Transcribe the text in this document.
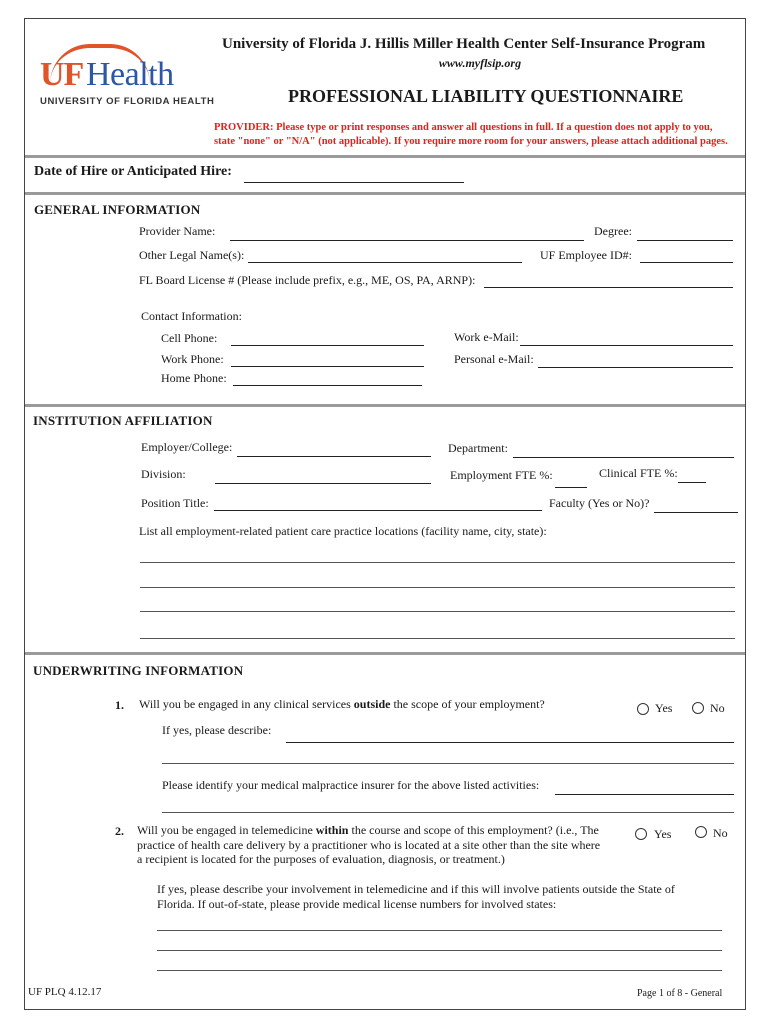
UF Health
UNIVERSITY OF FLORIDA HEALTH
University of Florida J. Hillis Miller Health Center Self-Insurance Program
www.myflsip.org
PROFESSIONAL LIABILITY QUESTIONNAIRE
PROVIDER: Please type or print responses and answer all questions in full. If a question does not apply to you,
state "none" or "N/A" (not applicable). If you require more room for your answers, please attach additional pages.
Date of Hire or Anticipated Hire:
GENERAL INFORMATION
Provider Name:	Degree:
Other Legal Name(s):	UF Employee ID#:
FL Board License # (Please include prefix, e.g., ME, OS, PA, ARNP):
Contact Information:
Cell Phone:	Work e-Mail:
Work Phone:	Personal e-Mail:
Home Phone:
INSTITUTION AFFILIATION
Employer/College:	Department:
Division:	Employment FTE %:	Clinical FTE %:
Position Title:	Faculty (Yes or No)?
List all employment-related patient care practice locations (facility name, city, state):
UNDERWRITING INFORMATION
1. Will you be engaged in any clinical services outside the scope of your employment?	Yes	No
If yes, please describe:
Please identify your medical malpractice insurer for the above listed activities:
2. Will you be engaged in telemedicine within the course and scope of this employment? (i.e., The
practice of health care delivery by a practitioner who is located at a site other than the site where
a recipient is located for the purposes of evaluation, diagnosis, or treatment.)
Yes	No
If yes, please describe your involvement in telemedicine and if this will involve patients outside the State of
Florida. If out-of-state, please provide medical license numbers for involved states:
UF PLQ 4.12.17	Page 1 of 8 - General
